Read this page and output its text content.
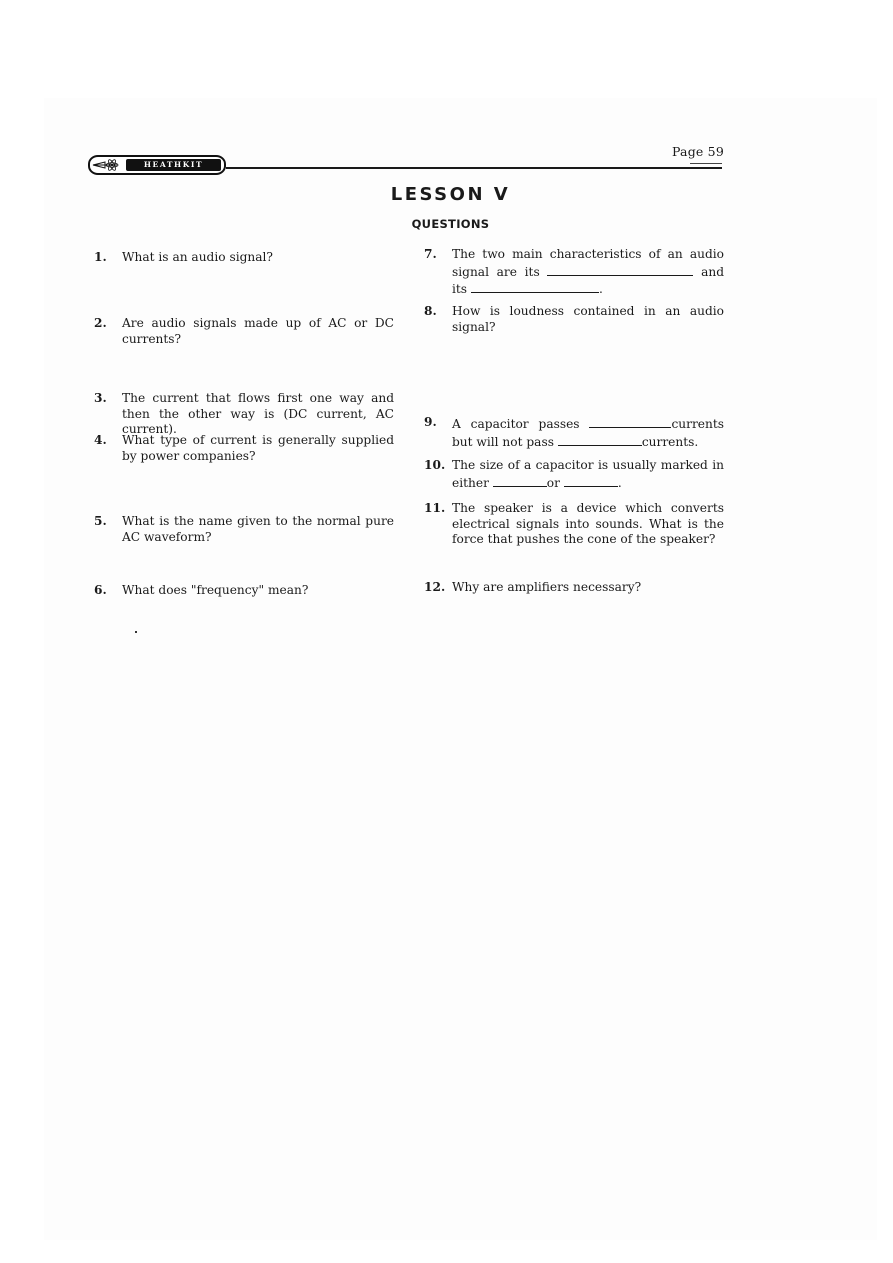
HEATHKIT
Page 59
LESSON V
QUESTIONS
1. What is an audio signal?
2. Are audio signals made up of AC or DC currents?
3. The current that flows first one way and then the other way is (DC current, AC current).
4. What type of current is generally supplied by power companies?
5. What is the name given to the normal pure AC waveform?
6. What does "frequency" mean?
7. The two main characteristics of an audio signal are its	and its	.
8. How is loudness contained in an audio signal?
9. A capacitor passes	currents but will not pass	currents.
10. The size of a capacitor is usually marked in either	or	.
11. The speaker is a device which converts electrical signals into sounds. What is the force that pushes the cone of the speaker?
12. Why are amplifiers necessary?
